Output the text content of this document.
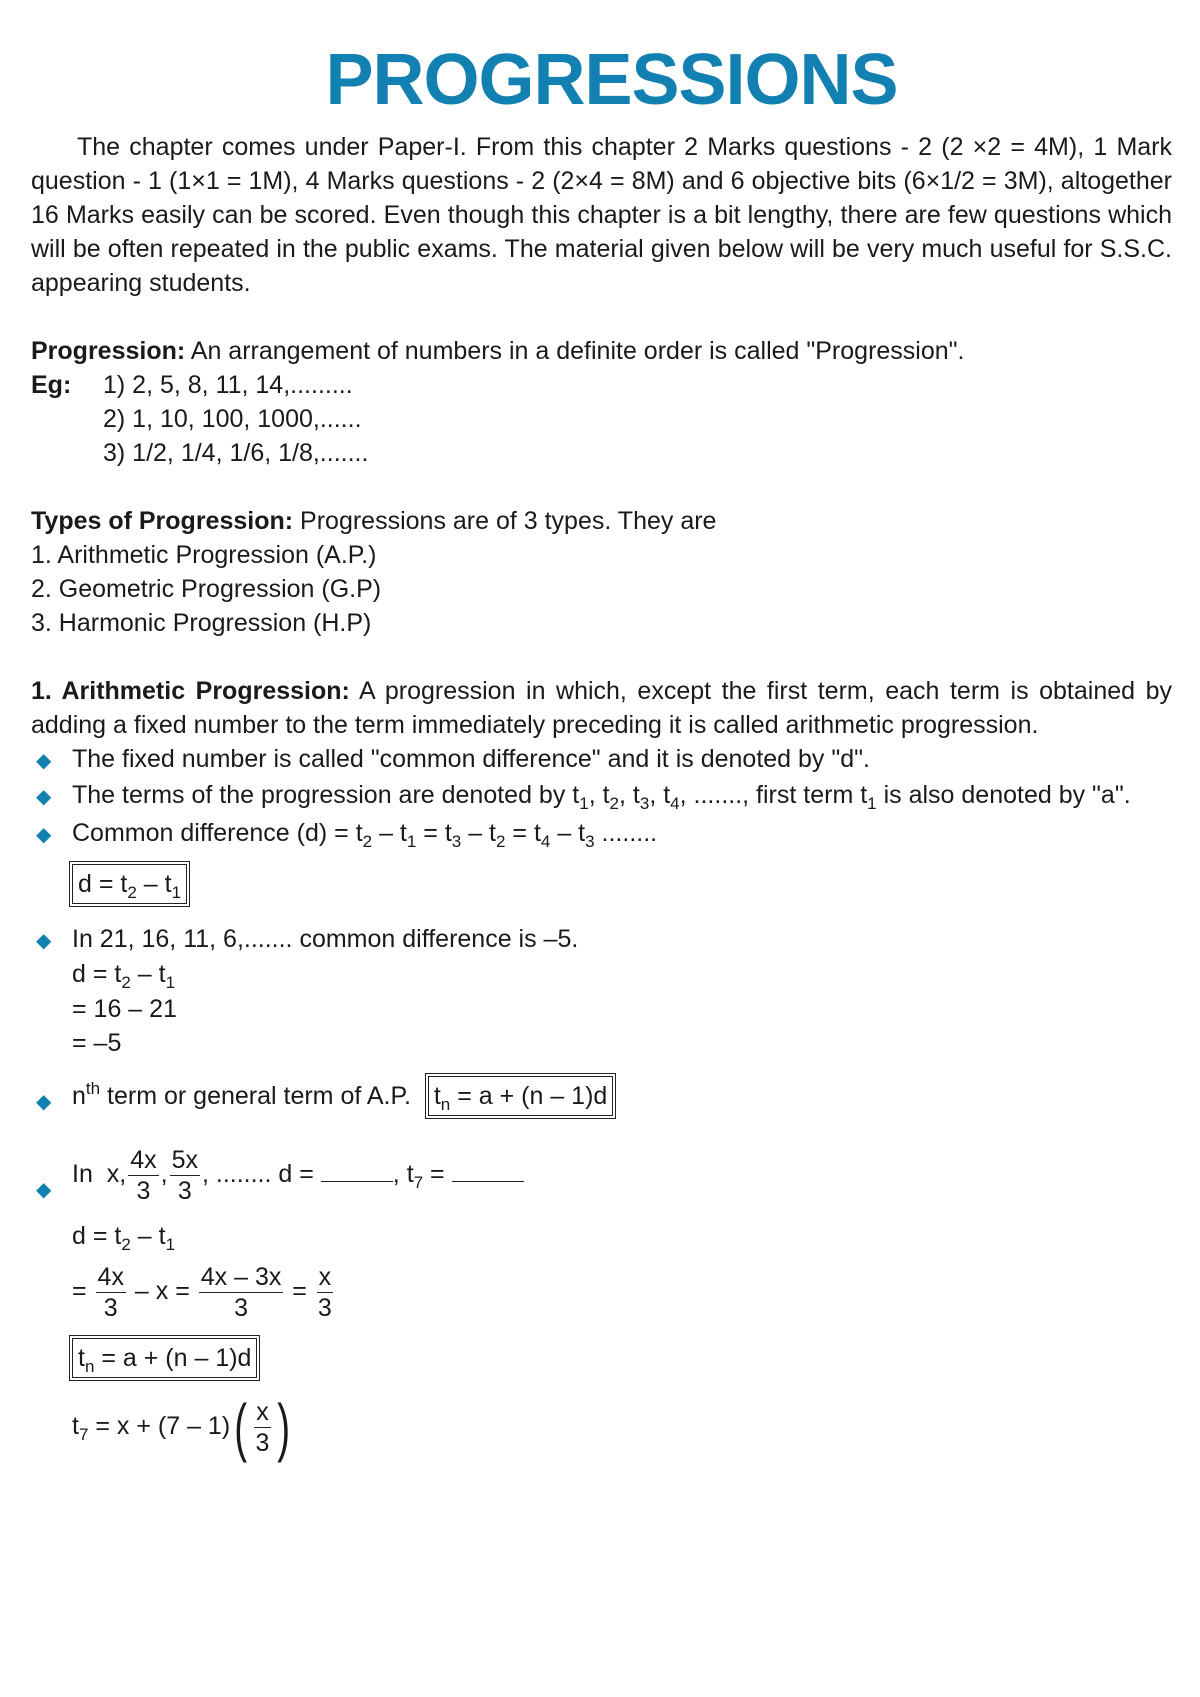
PROGRESSIONS

The chapter comes under Paper-I. From this chapter 2 Marks questions - 2 (2 ×2 = 4M), 1 Mark question - 1 (1×1 = 1M), 4 Marks questions - 2 (2×4 = 8M) and 6 objective bits (6×1/2 = 3M), altogether 16 Marks easily can be scored. Even though this chapter is a bit lengthy, there are few questions which will be often repeated in the public exams. The material given below will be very much useful for S.S.C. appearing students.

Progression: An arrangement of numbers in a definite order is called "Progression".

Eg:	1) 2, 5, 8, 11, 14,.........
2) 1, 10, 100, 1000,......
3) 1/2, 1/4, 1/6, 1/8,.......

Types of Progression: Progressions are of 3 types. They are

1. Arithmetic Progression (A.P.)
2. Geometric Progression (G.P)
3. Harmonic Progression (H.P)

1. Arithmetic Progression: A progression in which, except the first term, each term is obtained by adding a fixed number to the term immediately preceding it is called arithmetic progression.

◆ The fixed number is called "common difference" and it is denoted by "d".
◆ The terms of the progression are denoted by $t_1$, $t_2$, $t_3$, $t_4$, ......., first term $t_1$ is also denoted by "a".
◆ Common difference $(d) = t_2 - t_1 = t_3 - t_2 = t_4 - t_3$ ........
$d = t_2 - t_1$
◆ In 21, 16, 11, 6,....... common difference is –5.
$d = t_2 - t_1$
= 16 – 21
= –5
◆ $n^{th}$ term or general term of A.P. $t_n = a + (n - 1)d$
◆
In  x, $\frac{4x}{3}$ , $\frac{5x}{3}$ , ........ d =	, $t_7$ =
$d = t_2 - t_1$
= $\frac{4x}{3} - x = \frac{4x - 3x}{3} = \frac{x}{3}$
$t_n = a + (n - 1)d$
$t_7 = x + (7 - 1)( \frac{x}{3}$ )
